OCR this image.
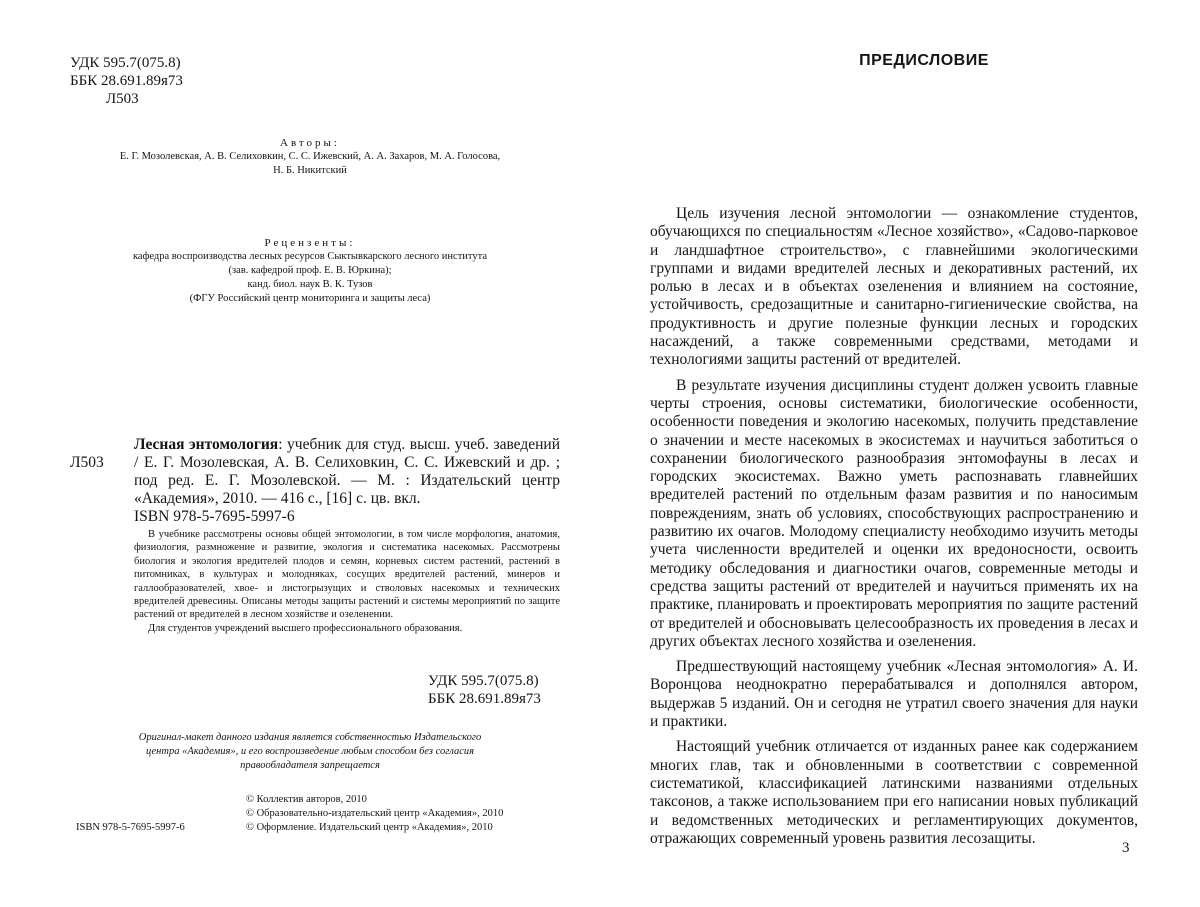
УДК 595.7(075.8)
ББК 28.691.89я73
Л503
Авторы:
Е. Г. Мозолевская, А. В. Селиховкин, С. С. Ижевский, А. А. Захаров, М. А. Голосова,
Н. Б. Никитский
Рецензенты:
кафедра воспроизводства лесных ресурсов Сыктывкарского лесного института
(зав. кафедрой проф. Е. В. Юркина);
канд. биол. наук В. К. Тузов
(ФГУ Российский центр мониторинга и защиты леса)
Л503
Лесная энтомология: учебник для студ. высш. учеб. заведений / Е. Г. Мозолевская, А. В. Селиховкин, С. С. Ижевский и др. ; под ред. Е. Г. Мозолевской. — М. : Издательский центр «Академия», 2010. — 416 с., [16] с. цв. вкл.
ISBN 978-5-7695-5997-6

В учебнике рассмотрены основы общей энтомологии, в том числе морфология, анатомия, физиология, размножение и развитие, экология и систематика насекомых. Рассмотрены биология и экология вредителей плодов и семян, корневых систем растений, растений в питомниках, в культурах и молодняках, сосущих вредителей растений, минеров и галлообразователей, хвое- и листогрызущих и стволовых насекомых и технических вредителей древесины. Описаны методы защиты растений и системы мероприятий по защите растений от вредителей в лесном хозяйстве и озеленении.

Для студентов учреждений высшего профессионального образования.

УДК 595.7(075.8)
ББК 28.691.89я73
Оригинал-макет данного издания является собственностью Издательского
центра «Академия», и его воспроизведение любым способом без согласия
правообладателя запрещается
© Коллектив авторов, 2010
© Образовательно-издательский центр «Академия», 2010
© Оформление. Издательский центр «Академия», 2010
ISBN 978-5-7695-5997-6
ПРЕДИСЛОВИЕ

Цель изучения лесной энтомологии — ознакомление студентов, обучающихся по специальностям «Лесное хозяйство», «Садово-парковое и ландшафтное строительство», с главнейшими экологическими группами и видами вредителей лесных и декоративных растений, их ролью в лесах и в объектах озеленения и влиянием на состояние, устойчивость, средозащитные и санитарно-гигиенические свойства, на продуктивность и другие полезные функции лесных и городских насаждений, а также современными средствами, методами и технологиями защиты растений от вредителей.

В результате изучения дисциплины студент должен усвоить главные черты строения, основы систематики, биологические особенности, особенности поведения и экологию насекомых, получить представление о значении и месте насекомых в экосистемах и научиться заботиться о сохранении биологического разнообразия энтомофауны в лесах и городских экосистемах. Важно уметь распознавать главнейших вредителей растений по отдельным фазам развития и по наносимым повреждениям, знать об условиях, способствующих распространению и развитию их очагов. Молодому специалисту необходимо изучить методы учета численности вредителей и оценки их вредоносности, освоить методику обследования и диагностики очагов, современные методы и средства защиты растений от вредителей и научиться применять их на практике, планировать и проектировать мероприятия по защите растений от вредителей и обосновывать целесообразность их проведения в лесах и других объектах лесного хозяйства и озеленения.

Предшествующий настоящему учебник «Лесная энтомология» А. И. Воронцова неоднократно перерабатывался и дополнялся автором, выдержав 5 изданий. Он и сегодня не утратил своего значения для науки и практики.

Настоящий учебник отличается от изданных ранее как содержанием многих глав, так и обновленными в соответствии с современной систематикой, классификацией латинскими названиями отдельных таксонов, а также использованием при его написании новых публикаций и ведомственных методических и регламентирующих документов, отражающих современный уровень развития лесозащиты.

3
